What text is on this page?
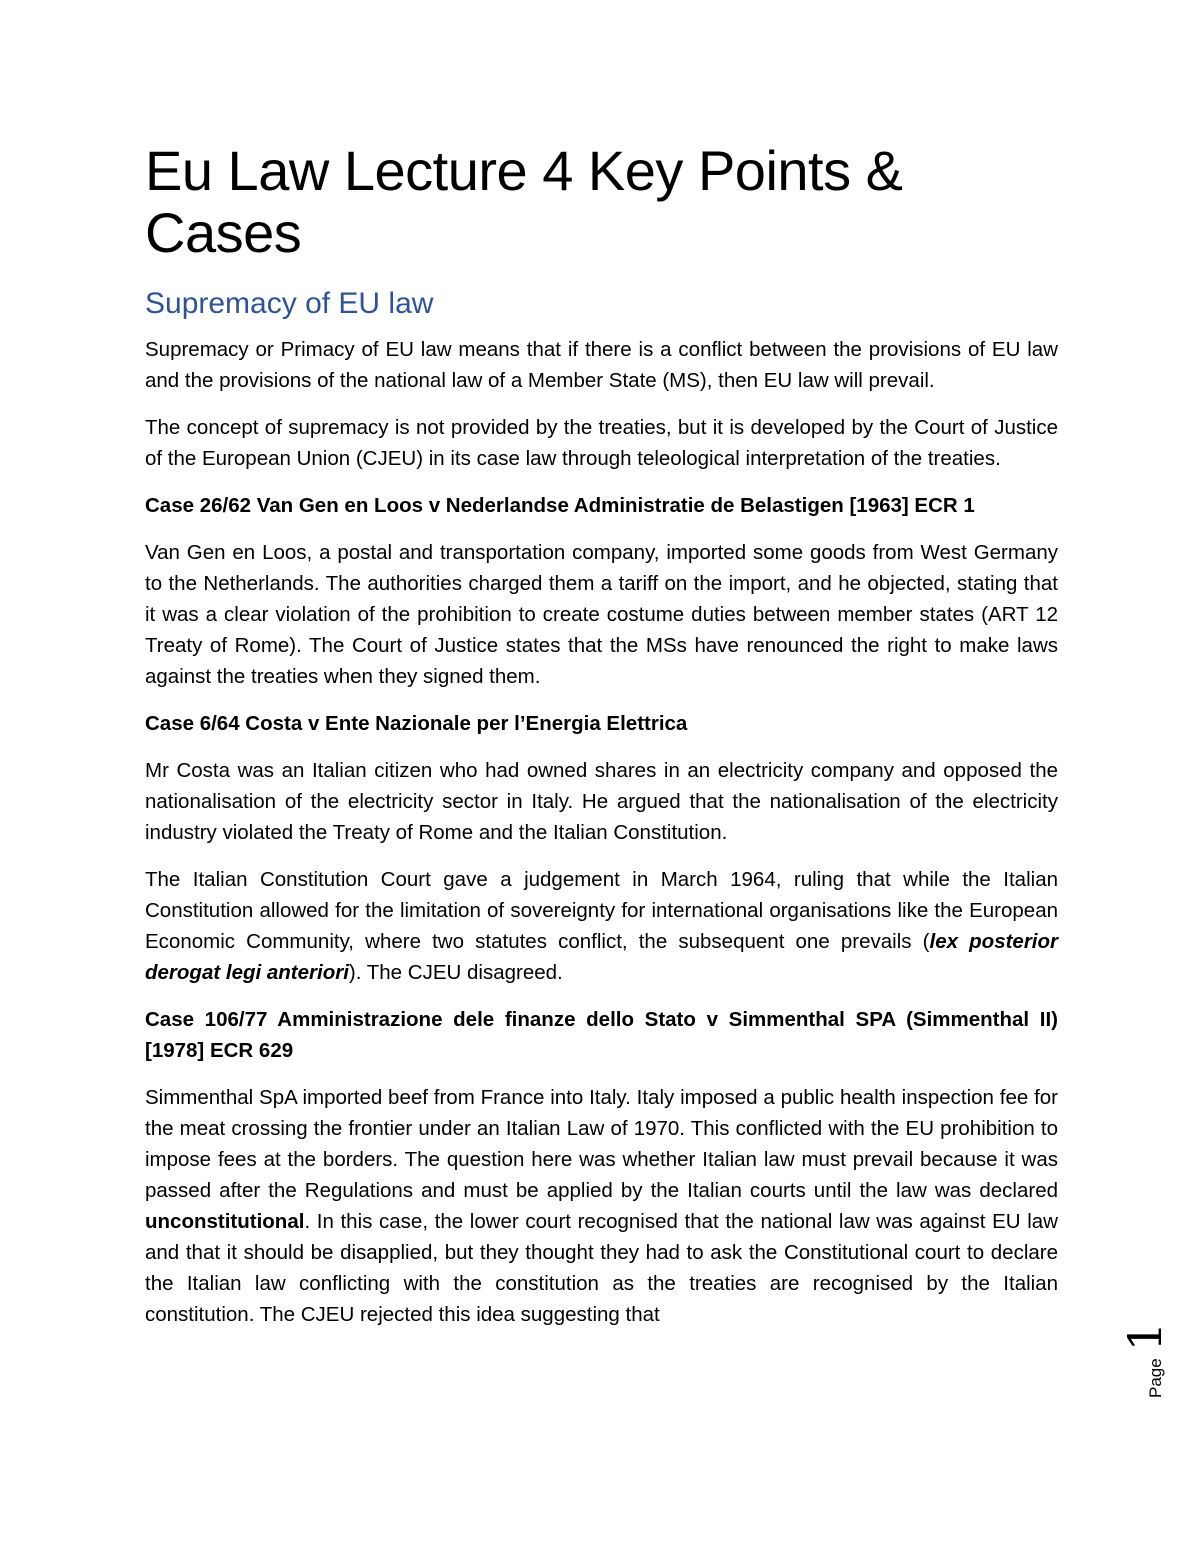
Eu Law Lecture 4 Key Points & Cases
Supremacy of EU law

Supremacy or Primacy of EU law means that if there is a conflict between the provisions of EU law and the provisions of the national law of a Member State (MS), then EU law will prevail.

The concept of supremacy is not provided by the treaties, but it is developed by the Court of Justice of the European Union (CJEU) in its case law through teleological interpretation of the treaties.

Case 26/62 Van Gen en Loos v Nederlandse Administratie de Belastigen [1963] ECR 1

Van Gen en Loos, a postal and transportation company, imported some goods from West Germany to the Netherlands. The authorities charged them a tariff on the import, and he objected, stating that it was a clear violation of the prohibition to create costume duties between member states (ART 12 Treaty of Rome). The Court of Justice states that the MSs have renounced the right to make laws against the treaties when they signed them.

Case 6/64 Costa v Ente Nazionale per l’Energia Elettrica

Mr Costa was an Italian citizen who had owned shares in an electricity company and opposed the nationalisation of the electricity sector in Italy. He argued that the nationalisation of the electricity industry violated the Treaty of Rome and the Italian Constitution.

The Italian Constitution Court gave a judgement in March 1964, ruling that while the Italian Constitution allowed for the limitation of sovereignty for international organisations like the European Economic Community, where two statutes conflict, the subsequent one prevails (lex posterior derogat legi anteriori). The CJEU disagreed.

Case 106/77 Amministrazione dele finanze dello Stato v Simmenthal SPA (Simmenthal II) [1978] ECR 629

Simmenthal SpA imported beef from France into Italy. Italy imposed a public health inspection fee for the meat crossing the frontier under an Italian Law of 1970. This conflicted with the EU prohibition to impose fees at the borders. The question here was whether Italian law must prevail because it was passed after the Regulations and must be applied by the Italian courts until the law was declared unconstitutional. In this case, the lower court recognised that the national law was against EU law and that it should be disapplied, but they thought they had to ask the Constitutional court to declare the Italian law conflicting with the constitution as the treaties are recognised by the Italian constitution. The CJEU rejected this idea suggesting that

Page
1
